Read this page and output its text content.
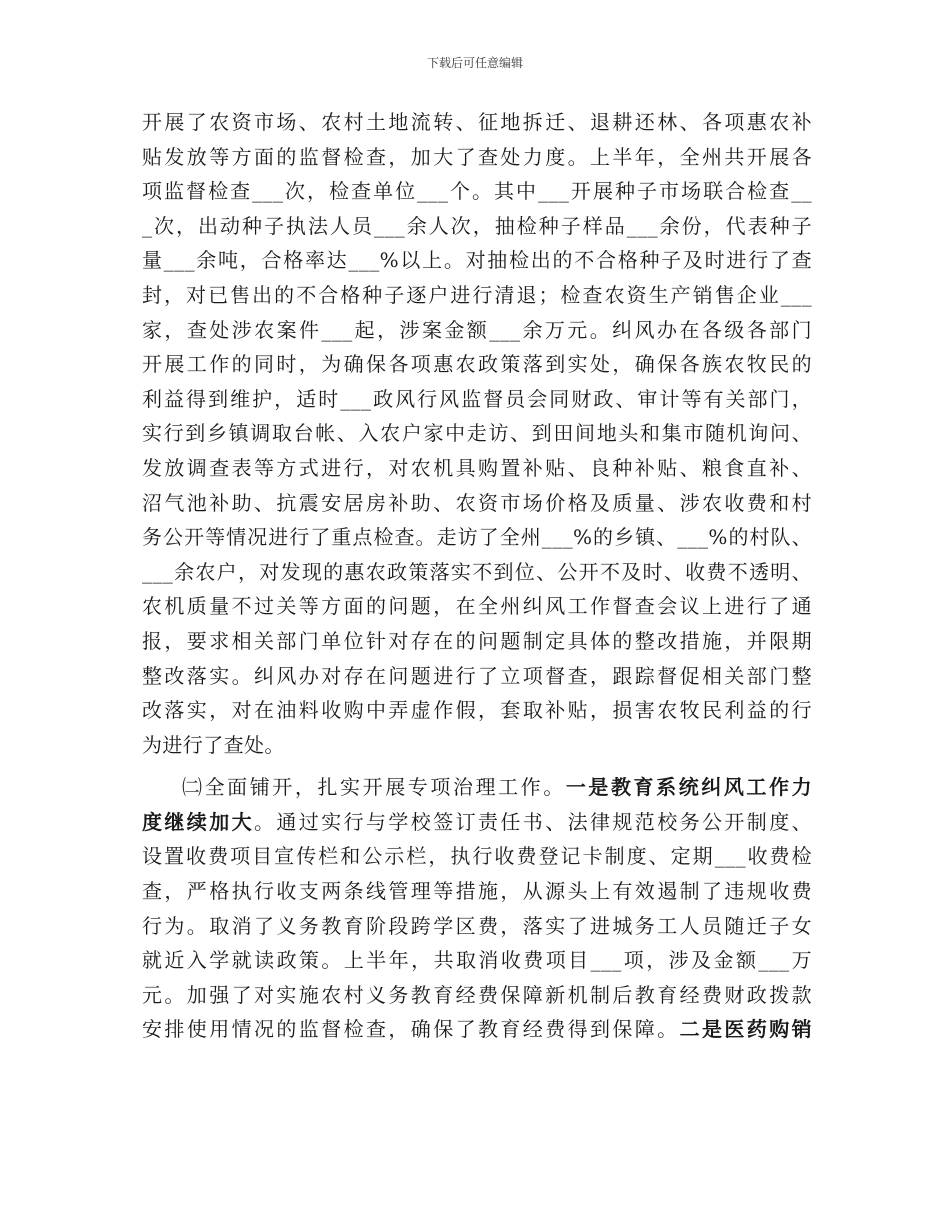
下载后可任意编辑
开展了农资市场、农村土地流转、征地拆迁、退耕还林、各项惠农补
贴发放等方面的监督检查，加大了查处力度。上半年，全州共开展各
项监督检查___次，检查单位___个。其中___开展种子市场联合检查__
_次，出动种子执法人员___余人次，抽检种子样品___余份，代表种子
量___余吨，合格率达___%以上。对抽检出的不合格种子及时进行了查
封，对已售出的不合格种子逐户进行清退；检查农资生产销售企业___
家，查处涉农案件___起，涉案金额___余万元。纠风办在各级各部门
开展工作的同时，为确保各项惠农政策落到实处，确保各族农牧民的
利益得到维护，适时___政风行风监督员会同财政、审计等有关部门，
实行到乡镇调取台帐、入农户家中走访、到田间地头和集市随机询问、
发放调查表等方式进行，对农机具购置补贴、良种补贴、粮食直补、
沼气池补助、抗震安居房补助、农资市场价格及质量、涉农收费和村
务公开等情况进行了重点检查。走访了全州___%的乡镇、___%的村队、
___余农户，对发现的惠农政策落实不到位、公开不及时、收费不透明、
农机质量不过关等方面的问题，在全州纠风工作督查会议上进行了通
报，要求相关部门单位针对存在的问题制定具体的整改措施，并限期
整改落实。纠风办对存在问题进行了立项督查，跟踪督促相关部门整
改落实，对在油料收购中弄虚作假，套取补贴，损害农牧民利益的行
为进行了查处。
㈡全面铺开，扎实开展专项治理工作。一是教育系统纠风工作力
度继续加大。通过实行与学校签订责任书、法律规范校务公开制度、
设置收费项目宣传栏和公示栏，执行收费登记卡制度、定期___收费检
查，严格执行收支两条线管理等措施，从源头上有效遏制了违规收费
行为。取消了义务教育阶段跨学区费，落实了进城务工人员随迁子女
就近入学就读政策。上半年，共取消收费项目___项，涉及金额___万
元。加强了对实施农村义务教育经费保障新机制后教育经费财政拨款
安排使用情况的监督检查，确保了教育经费得到保障。二是医药购销
